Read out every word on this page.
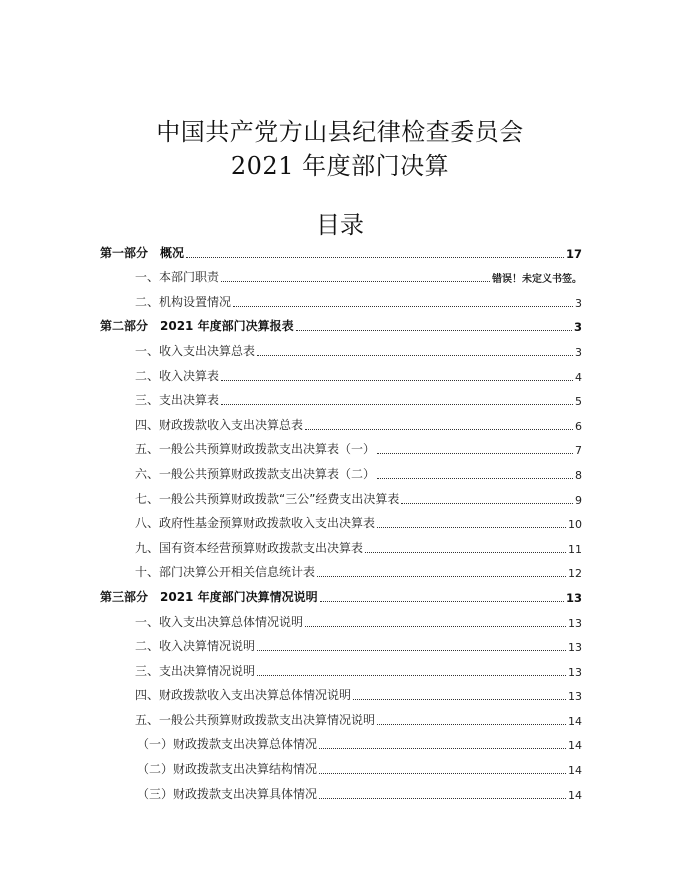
中国共产党方山县纪律检查委员会
2021 年度部门决算
目录
第一部分　概况	17
一、本部门职责	错误！未定义书签。
二、机构设置情况	3
第二部分　2021 年度部门决算报表	3
一、收入支出决算总表	3
二、收入决算表	4
三、支出决算表	5
四、财政拨款收入支出决算总表	6
五、一般公共预算财政拨款支出决算表（一）	7
六、一般公共预算财政拨款支出决算表（二）	8
七、一般公共预算财政拨款“三公”经费支出决算表	9
八、政府性基金预算财政拨款收入支出决算表	10
九、国有资本经营预算财政拨款支出决算表	11
十、部门决算公开相关信息统计表	12
第三部分　2021 年度部门决算情况说明	13
一、收入支出决算总体情况说明	13
二、收入决算情况说明	13
三、支出决算情况说明	13
四、财政拨款收入支出决算总体情况说明	13
五、一般公共预算财政拨款支出决算情况说明	14
（一）财政拨款支出决算总体情况	14
（二）财政拨款支出决算结构情况	14
（三）财政拨款支出决算具体情况	14
